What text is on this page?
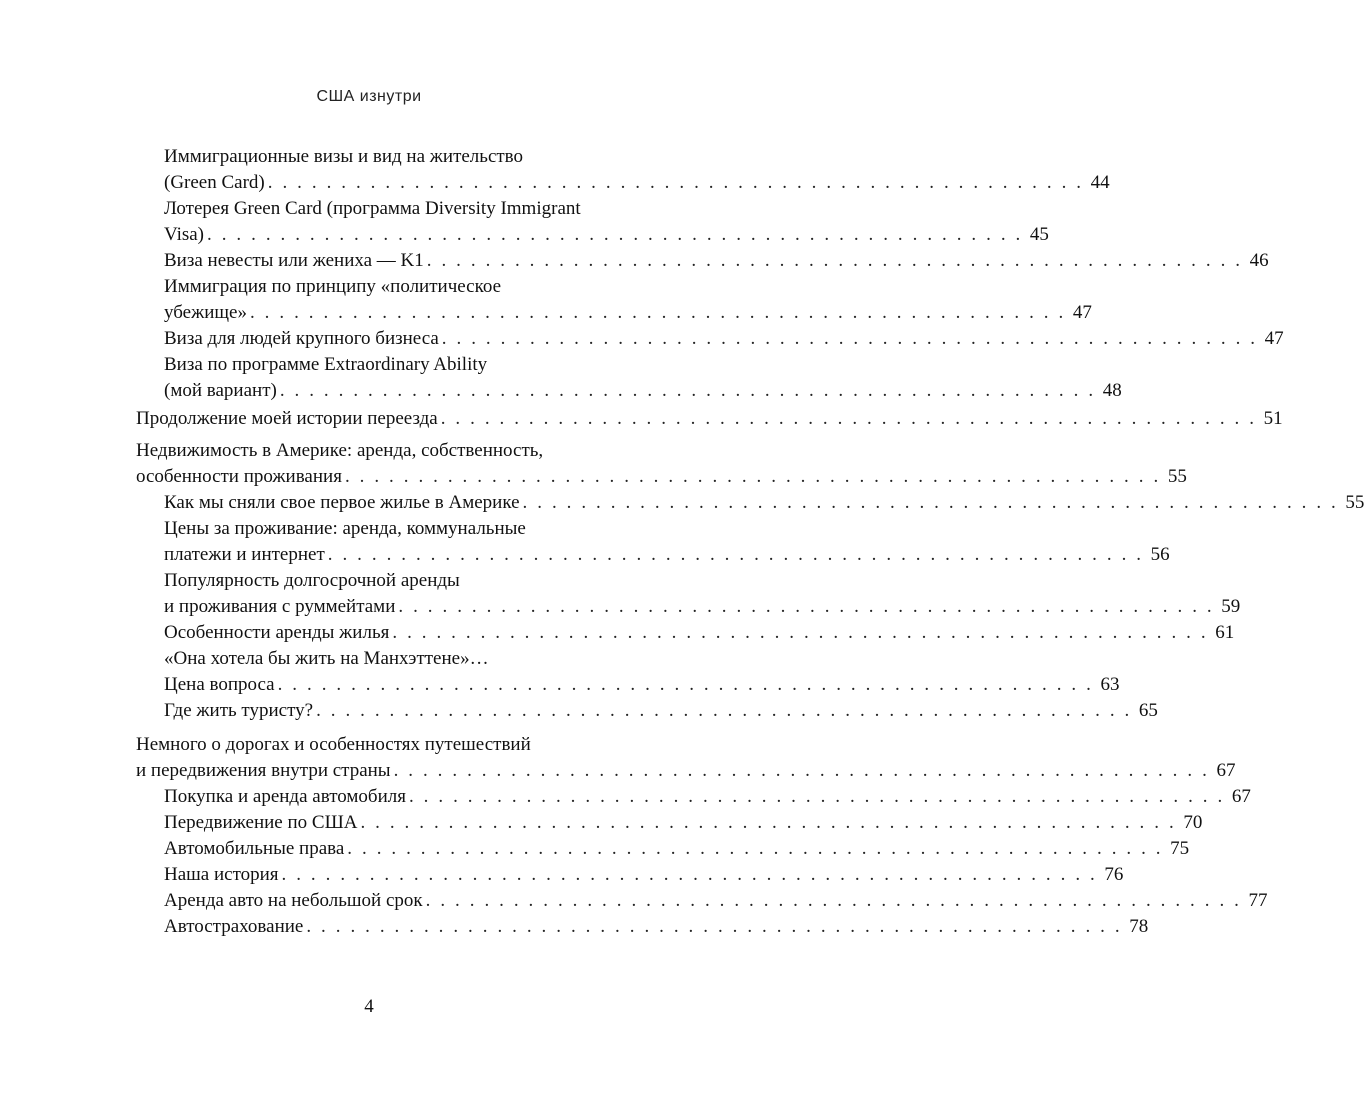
США изнутри
Иммиграционные визы и вид на жительство
(Green Card) . . . . . . . . . . . . . . . . . . . . . . . . . . . . . . . . . . . . . . . . . . . . . . . . . . . . . . . . 44
Лотерея Green Card (программа Diversity Immigrant
Visa) . . . . . . . . . . . . . . . . . . . . . . . . . . . . . . . . . . . . . . . . . . . . . . . . . . . . . . . . 45
Виза невесты или жениха — K1 . . . . . . . . . . . . . . . . . . . . . . . . . . . . . . . . . . . . . . . . . . . . . . . . . . . . . . . . 46
Иммиграция по принципу «политическое
убежище» . . . . . . . . . . . . . . . . . . . . . . . . . . . . . . . . . . . . . . . . . . . . . . . . . . . . . . . . 47
Виза для людей крупного бизнеса . . . . . . . . . . . . . . . . . . . . . . . . . . . . . . . . . . . . . . . . . . . . . . . . . . . . . . . . 47
Виза по программе Extraordinary Ability
(мой вариант) . . . . . . . . . . . . . . . . . . . . . . . . . . . . . . . . . . . . . . . . . . . . . . . . . . . . . . . . 48
Продолжение моей истории переезда . . . . . . . . . . . . . . . . . . . . . . . . . . . . . . . . . . . . . . . . . . . . . . . . . . . . . . . . 51
Недвижимость в Америке: аренда, собственность,
особенности проживания . . . . . . . . . . . . . . . . . . . . . . . . . . . . . . . . . . . . . . . . . . . . . . . . . . . . . . . . 55
Как мы сняли свое первое жилье в Америке . . . . . . . . . . . . . . . . . . . . . . . . . . . . . . . . . . . . . . . . . . . . . . . . . . . . . . . . 55
Цены за проживание: аренда, коммунальные
платежи и интернет . . . . . . . . . . . . . . . . . . . . . . . . . . . . . . . . . . . . . . . . . . . . . . . . . . . . . . . . 56
Популярность долгосрочной аренды
и проживания с руммейтами . . . . . . . . . . . . . . . . . . . . . . . . . . . . . . . . . . . . . . . . . . . . . . . . . . . . . . . . 59
Особенности аренды жилья . . . . . . . . . . . . . . . . . . . . . . . . . . . . . . . . . . . . . . . . . . . . . . . . . . . . . . . . 61
«Она хотела бы жить на Манхэттене»…
Цена вопроса . . . . . . . . . . . . . . . . . . . . . . . . . . . . . . . . . . . . . . . . . . . . . . . . . . . . . . . . 63
Где жить туристу? . . . . . . . . . . . . . . . . . . . . . . . . . . . . . . . . . . . . . . . . . . . . . . . . . . . . . . . . 65
Немного о дорогах и особенностях путешествий
и передвижения внутри страны . . . . . . . . . . . . . . . . . . . . . . . . . . . . . . . . . . . . . . . . . . . . . . . . . . . . . . . . 67
Покупка и аренда автомобиля . . . . . . . . . . . . . . . . . . . . . . . . . . . . . . . . . . . . . . . . . . . . . . . . . . . . . . . . 67
Передвижение по США . . . . . . . . . . . . . . . . . . . . . . . . . . . . . . . . . . . . . . . . . . . . . . . . . . . . . . . . 70
Автомобильные права . . . . . . . . . . . . . . . . . . . . . . . . . . . . . . . . . . . . . . . . . . . . . . . . . . . . . . . . 75
Наша история . . . . . . . . . . . . . . . . . . . . . . . . . . . . . . . . . . . . . . . . . . . . . . . . . . . . . . . . 76
Аренда авто на небольшой срок . . . . . . . . . . . . . . . . . . . . . . . . . . . . . . . . . . . . . . . . . . . . . . . . . . . . . . . . 77
Автострахование . . . . . . . . . . . . . . . . . . . . . . . . . . . . . . . . . . . . . . . . . . . . . . . . . . . . . . . . 78
4
